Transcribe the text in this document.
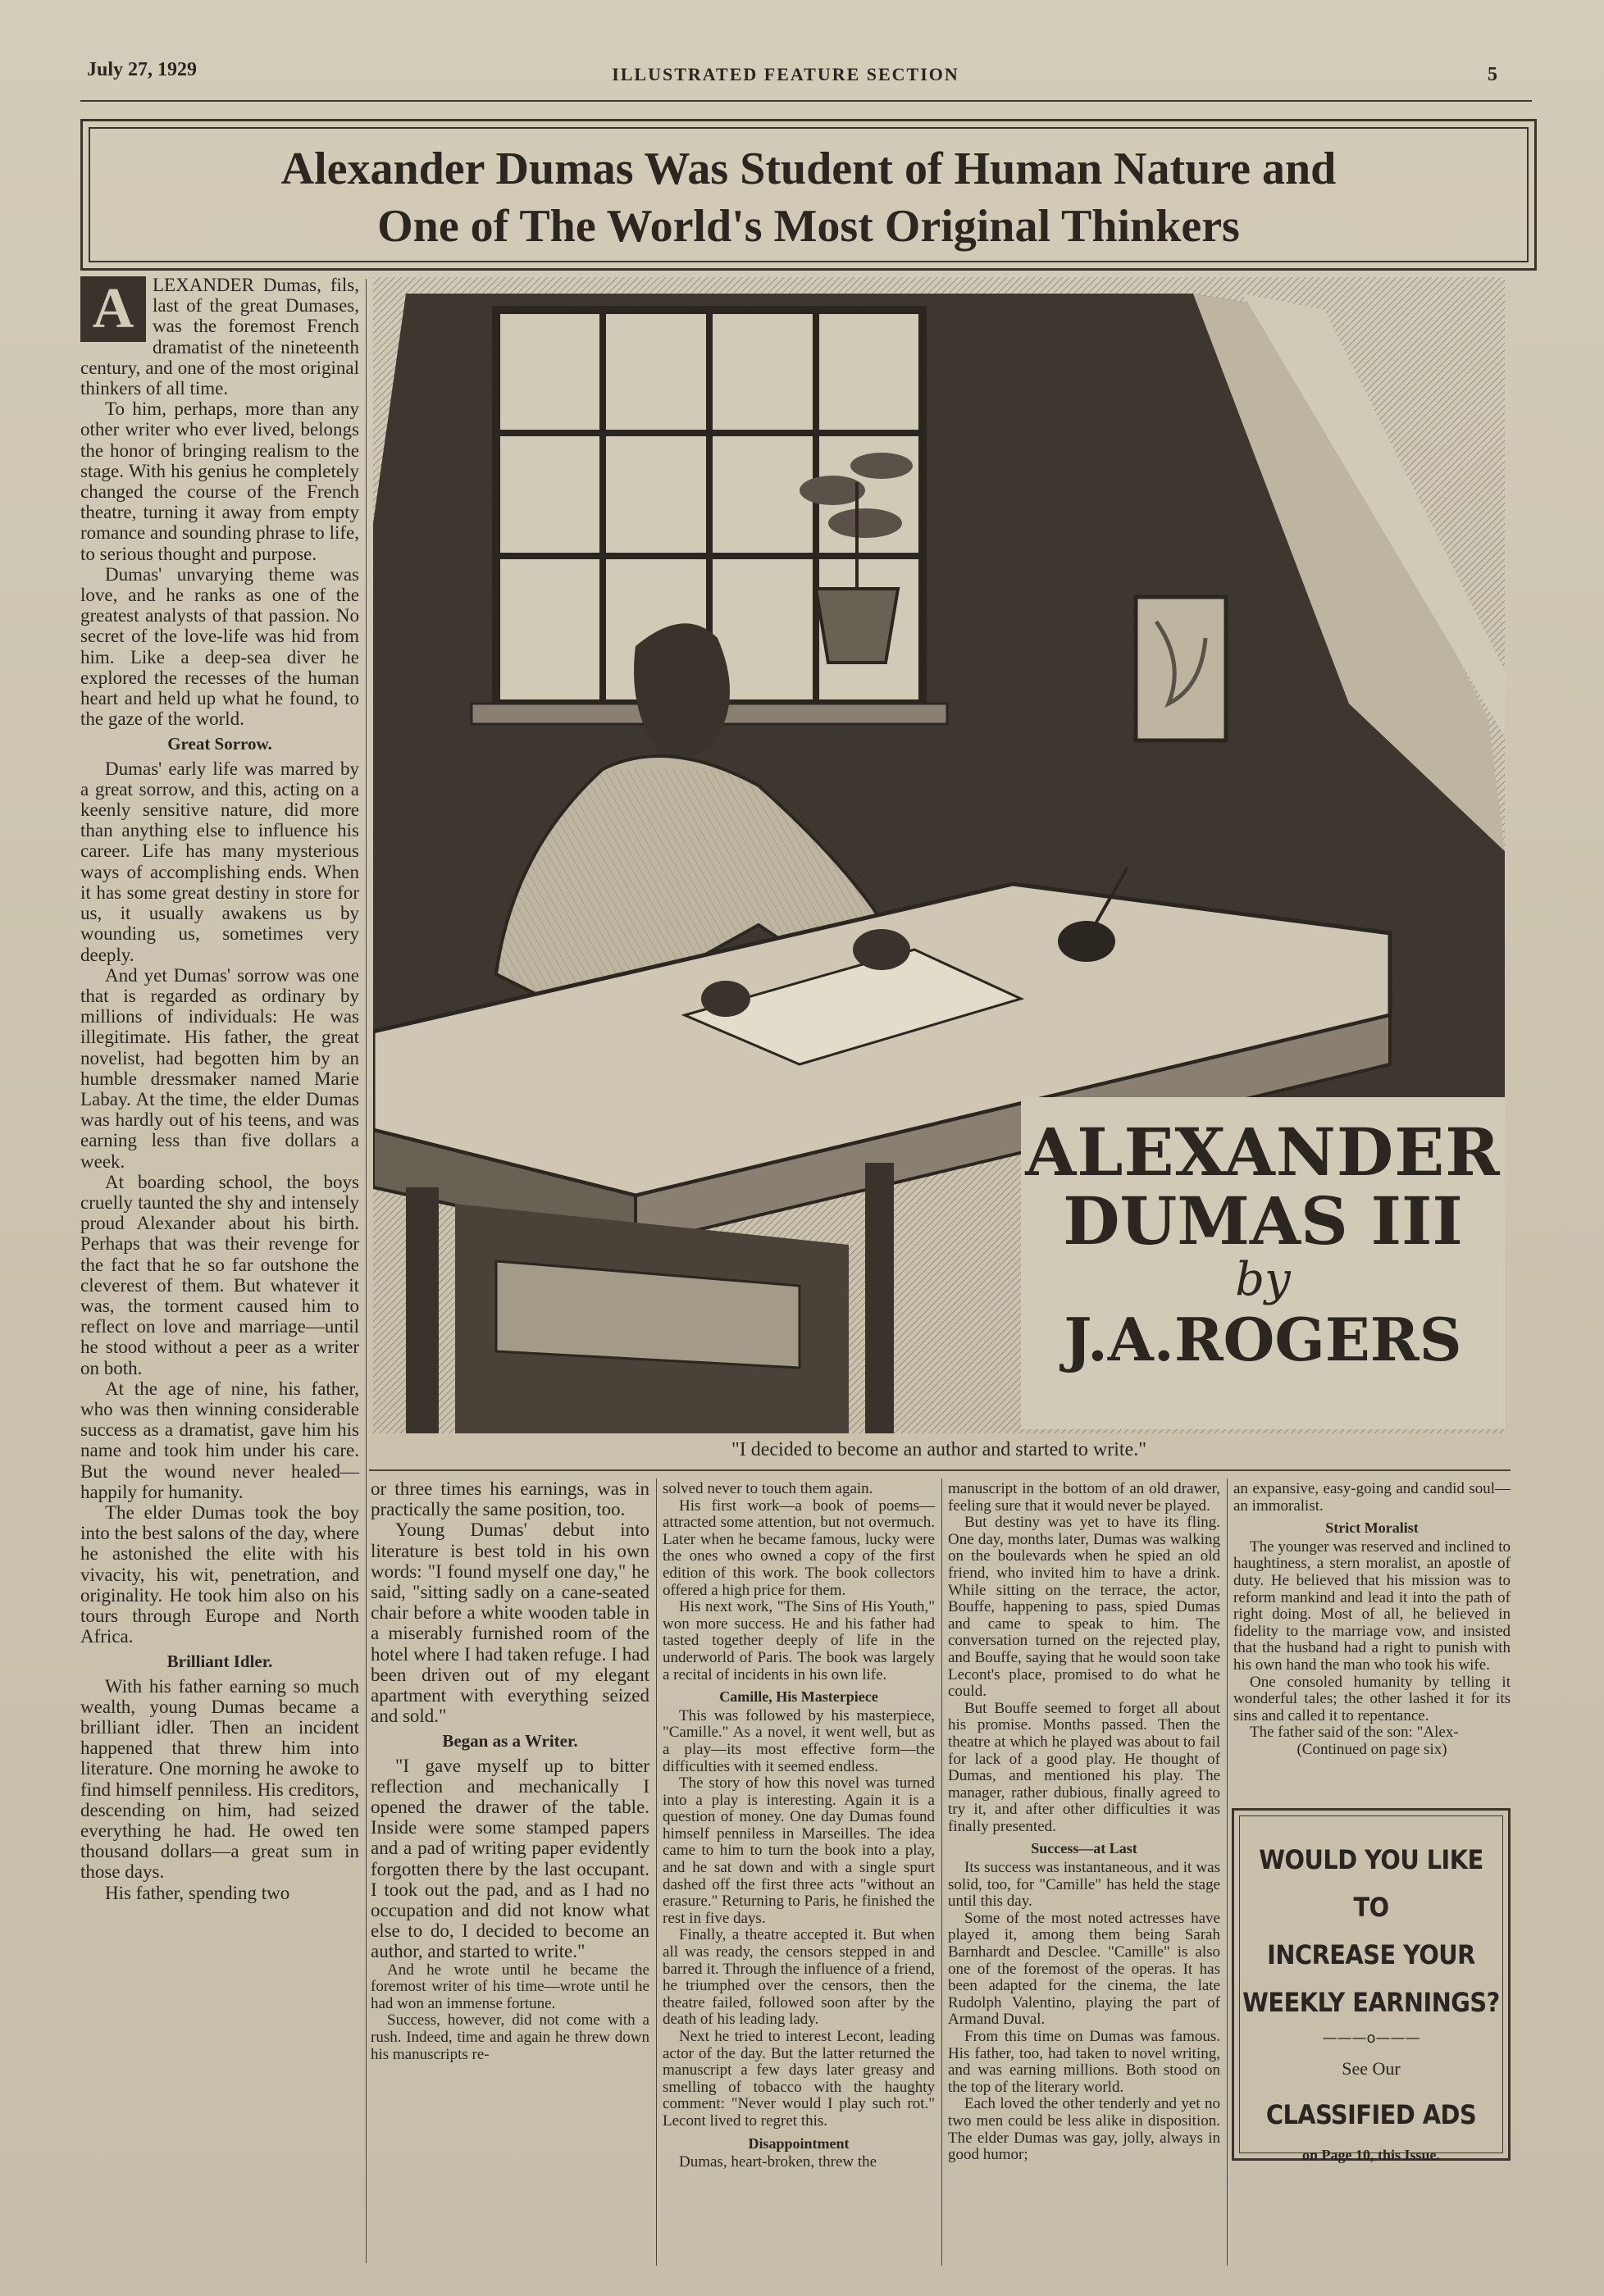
July 27, 1929	ILLUSTRATED FEATURE SECTION	5
Alexander Dumas Was Student of Human Nature and
One of The World's Most Original Thinkers
A LEXANDER Dumas, fils, last of the great Dumases, was the foremost French dramatist of the nineteenth century, and one of the most original thinkers of all time.

To him, perhaps, more than any other writer who ever lived, belongs the honor of bringing realism to the stage. With his genius he completely changed the course of the French theatre, turning it away from empty romance and sounding phrase to life, to serious thought and purpose.

Dumas' unvarying theme was love, and he ranks as one of the greatest analysts of that passion. No secret of the love-life was hid from him. Like a deep-sea diver he explored the recesses of the human heart and held up what he found, to the gaze of the world.

Great Sorrow.

Dumas' early life was marred by a great sorrow, and this, acting on a keenly sensitive nature, did more than anything else to influence his career. Life has many mysterious ways of accomplishing ends. When it has some great destiny in store for us, it usually awakens us by wounding us, sometimes very deeply.

And yet Dumas' sorrow was one that is regarded as ordinary by millions of individuals: He was illegitimate. His father, the great novelist, had begotten him by an humble dressmaker named Marie Labay. At the time, the elder Dumas was hardly out of his teens, and was earning less than five dollars a week.

At boarding school, the boys cruelly taunted the shy and intensely proud Alexander about his birth. Perhaps that was their revenge for the fact that he so far outshone the cleverest of them. But whatever it was, the torment caused him to reflect on love and marriage—until he stood without a peer as a writer on both.

At the age of nine, his father, who was then winning considerable success as a dramatist, gave him his name and took him under his care. But the wound never healed—happily for humanity.

The elder Dumas took the boy into the best salons of the day, where he astonished the elite with his vivacity, his wit, penetration, and originality. He took him also on his tours through Europe and North Africa.

Brilliant Idler.

With his father earning so much wealth, young Dumas became a brilliant idler. Then an incident happened that threw him into literature. One morning he awoke to find himself penniless. His creditors, descending on him, had seized everything he had. He owed ten thousand dollars—a great sum in those days.

His father, spending two

ALEXANDER
DUMAS III
by
J.A.ROGERS
"I decided to become an author and started to write."

or three times his earnings, was in practically the same position, too.

Young Dumas' debut into literature is best told in his own words: "I found myself one day," he said, "sitting sadly on a cane-seated chair before a white wooden table in a miserably furnished room of the hotel where I had taken refuge. I had been driven out of my elegant apartment with everything seized and sold."

Began as a Writer.

"I gave myself up to bitter reflection and mechanically I opened the drawer of the table. Inside were some stamped papers and a pad of writing paper evidently forgotten there by the last occupant. I took out the pad, and as I had no occupation and did not know what else to do, I decided to become an author, and started to write."

And he wrote until he became the foremost writer of his time—wrote until he had won an immense fortune.

Success, however, did not come with a rush. Indeed, time and again he threw down his manuscripts re-

solved never to touch them again.

His first work—a book of poems—attracted some attention, but not overmuch. Later when he became famous, lucky were the ones who owned a copy of the first edition of this work. The book collectors offered a high price for them.

His next work, "The Sins of His Youth," won more success. He and his father had tasted together deeply of life in the underworld of Paris. The book was largely a recital of incidents in his own life.

Camille, His Masterpiece

This was followed by his masterpiece, "Camille." As a novel, it went well, but as a play—its most effective form—the difficulties with it seemed endless.

The story of how this novel was turned into a play is interesting. Again it is a question of money. One day Dumas found himself penniless in Marseilles. The idea came to him to turn the book into a play, and he sat down and with a single spurt dashed off the first three acts "without an erasure." Returning to Paris, he finished the rest in five days.

Finally, a theatre accepted it. But when all was ready, the censors stepped in and barred it. Through the influence of a friend, he triumphed over the censors, then the theatre failed, followed soon after by the death of his leading lady.

Next he tried to interest Lecont, leading actor of the day. But the latter returned the manuscript a few days later greasy and smelling of tobacco with the haughty comment: "Never would I play such rot." Lecont lived to regret this.

Disappointment

Dumas, heart-broken, threw the

manuscript in the bottom of an old drawer, feeling sure that it would never be played.

But destiny was yet to have its fling. One day, months later, Dumas was walking on the boulevards when he spied an old friend, who invited him to have a drink. While sitting on the terrace, the actor, Bouffe, happening to pass, spied Dumas and came to speak to him. The conversation turned on the rejected play, and Bouffe, saying that he would soon take Lecont's place, promised to do what he could.

But Bouffe seemed to forget all about his promise. Months passed. Then the theatre at which he played was about to fail for lack of a good play. He thought of Dumas, and mentioned his play. The manager, rather dubious, finally agreed to try it, and after other difficulties it was finally presented.

Success—at Last

Its success was instantaneous, and it was solid, too, for "Camille" has held the stage until this day.

Some of the most noted actresses have played it, among them being Sarah Barnhardt and Desclee. "Camille" is also one of the foremost of the operas. It has been adapted for the cinema, the late Rudolph Valentino, playing the part of Armand Duval.

From this time on Dumas was famous. His father, too, had taken to novel writing, and was earning millions. Both stood on the top of the literary world.

Each loved the other tenderly and yet no two men could be less alike in disposition. The elder Dumas was gay, jolly, always in good humor;

an expansive, easy-going and candid soul—an immoralist.

Strict Moralist

The younger was reserved and inclined to haughtiness, a stern moralist, an apostle of duty. He believed that his mission was to reform mankind and lead it into the path of right doing. Most of all, he believed in fidelity to the marriage vow, and insisted that the husband had a right to punish with his own hand the man who took his wife.

One consoled humanity by telling it wonderful tales; the other lashed it for its sins and called it to repentance.

The father said of the son: "Alex-

(Continued on page six)

WOULD YOU LIKE TO
INCREASE YOUR
WEEKLY EARNINGS?
———o———
See Our
CLASSIFIED ADS
on Page 10, this Issue.
